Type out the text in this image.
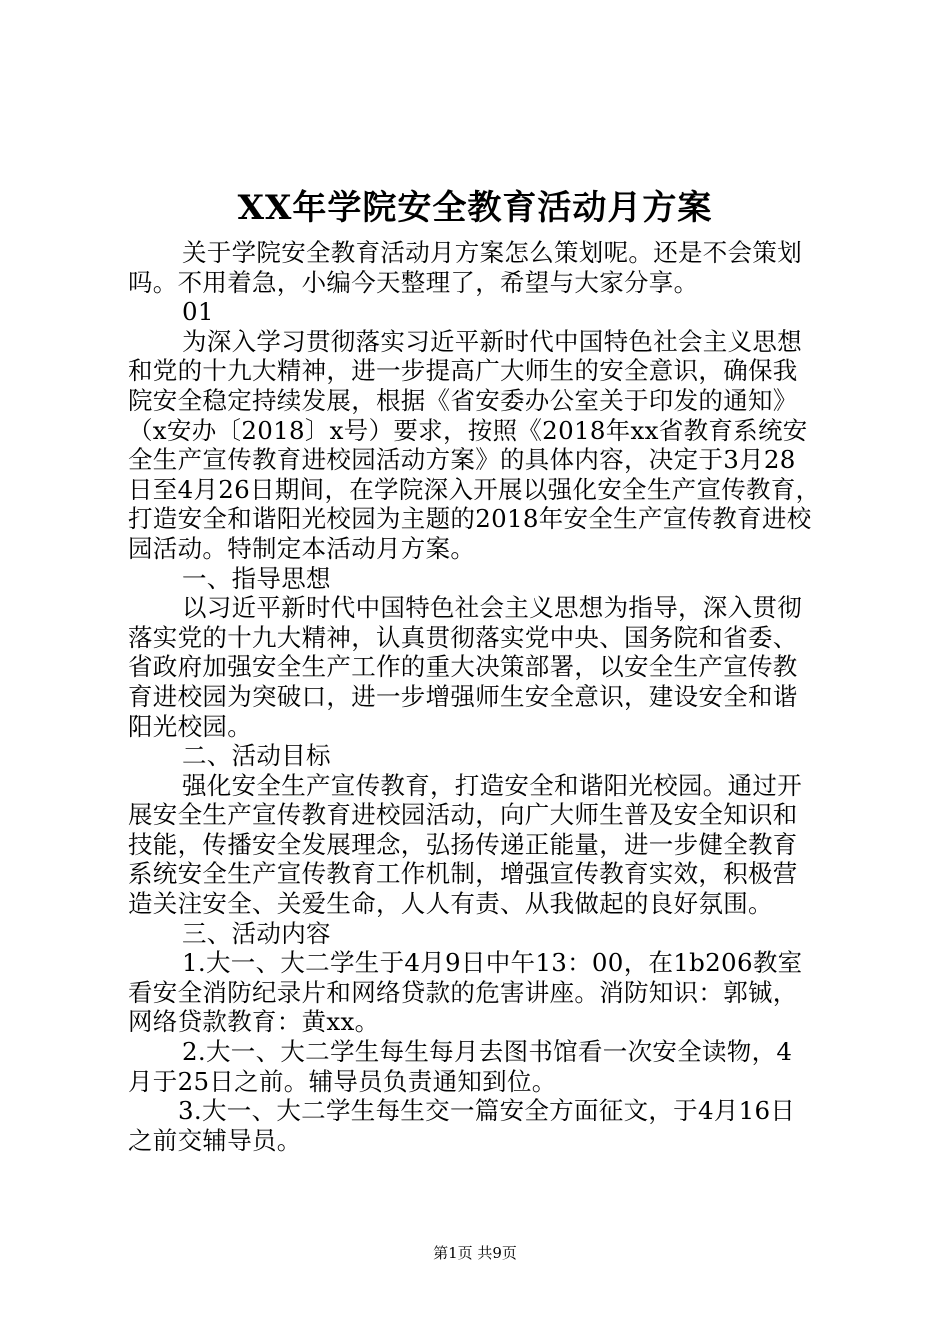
XX年学院安全教育活动月方案

关于学院安全教育活动月方案怎么策划呢。还是不会策划

吗。不用着急，小编今天整理了，希望与大家分享。

01

为深入学习贯彻落实习近平新时代中国特色社会主义思想

和党的十九大精神，进一步提高广大师生的安全意识，确保我

院安全稳定持续发展，根据《省安委办公室关于印发的通知》

（x安办〔2018〕x号）要求，按照《2018年xx省教育系统安

全生产宣传教育进校园活动方案》的具体内容，决定于3月28

日至4月26日期间，在学院深入开展以强化安全生产宣传教育，

打造安全和谐阳光校园为主题的2018年安全生产宣传教育进校

园活动。特制定本活动月方案。

一、指导思想

以习近平新时代中国特色社会主义思想为指导，深入贯彻

落实党的十九大精神，认真贯彻落实党中央、国务院和省委、

省政府加强安全生产工作的重大决策部署，以安全生产宣传教

育进校园为突破口，进一步增强师生安全意识，建设安全和谐

阳光校园。

二、活动目标

强化安全生产宣传教育，打造安全和谐阳光校园。通过开

展安全生产宣传教育进校园活动，向广大师生普及安全知识和

技能，传播安全发展理念，弘扬传递正能量，进一步健全教育

系统安全生产宣传教育工作机制，增强宣传教育实效，积极营

造关注安全、关爱生命，人人有责、从我做起的良好氛围。

三、活动内容

1.大一、大二学生于4月9日中午13：00，在1b206教室

看安全消防纪录片和网络贷款的危害讲座。消防知识：郭铖，

网络贷款教育：黄xx。

2.大一、大二学生每生每月去图书馆看一次安全读物，4

月于25日之前。辅导员负责通知到位。

3.大一、大二学生每生交一篇安全方面征文，于4月16日

之前交辅导员。

第1页 共9页
